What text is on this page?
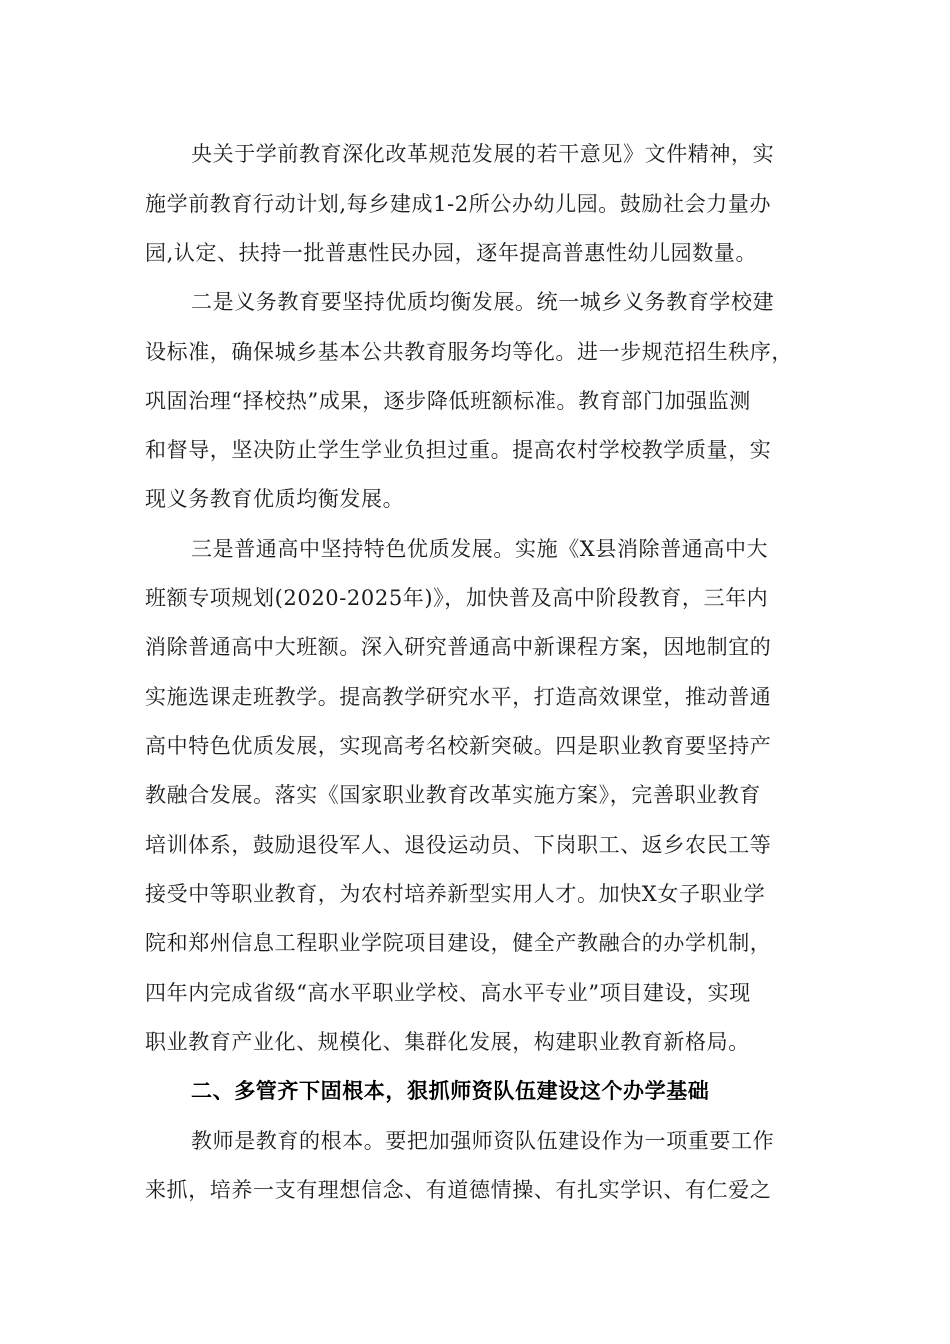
央关于学前教育深化改革规范发展的若干意见》文件精神，实
施学前教育行动计划,每乡建成1-2所公办幼儿园。鼓励社会力量办
园,认定、扶持一批普惠性民办园，逐年提高普惠性幼儿园数量。
二是义务教育要坚持优质均衡发展。统一城乡义务教育学校建
设标准，确保城乡基本公共教育服务均等化。进一步规范招生秩序，
巩固治理“择校热”成果，逐步降低班额标准。教育部门加强监测
和督导，坚决防止学生学业负担过重。提高农村学校教学质量，实
现义务教育优质均衡发展。
三是普通高中坚持特色优质发展。实施《X县消除普通高中大
班额专项规划(2020-2025年)》，加快普及高中阶段教育，三年内
消除普通高中大班额。深入研究普通高中新课程方案，因地制宜的
实施选课走班教学。提高教学研究水平，打造高效课堂，推动普通
高中特色优质发展，实现高考名校新突破。四是职业教育要坚持产
教融合发展。落实《国家职业教育改革实施方案》，完善职业教育
培训体系，鼓励退役军人、退役运动员、下岗职工、返乡农民工等
接受中等职业教育，为农村培养新型实用人才。加快X女子职业学
院和郑州信息工程职业学院项目建设，健全产教融合的办学机制，
四年内完成省级“高水平职业学校、高水平专业”项目建设，实现
职业教育产业化、规模化、集群化发展，构建职业教育新格局。
二、多管齐下固根本，狠抓师资队伍建设这个办学基础
教师是教育的根本。要把加强师资队伍建设作为一项重要工作
来抓，培养一支有理想信念、有道德情操、有扎实学识、有仁爱之
